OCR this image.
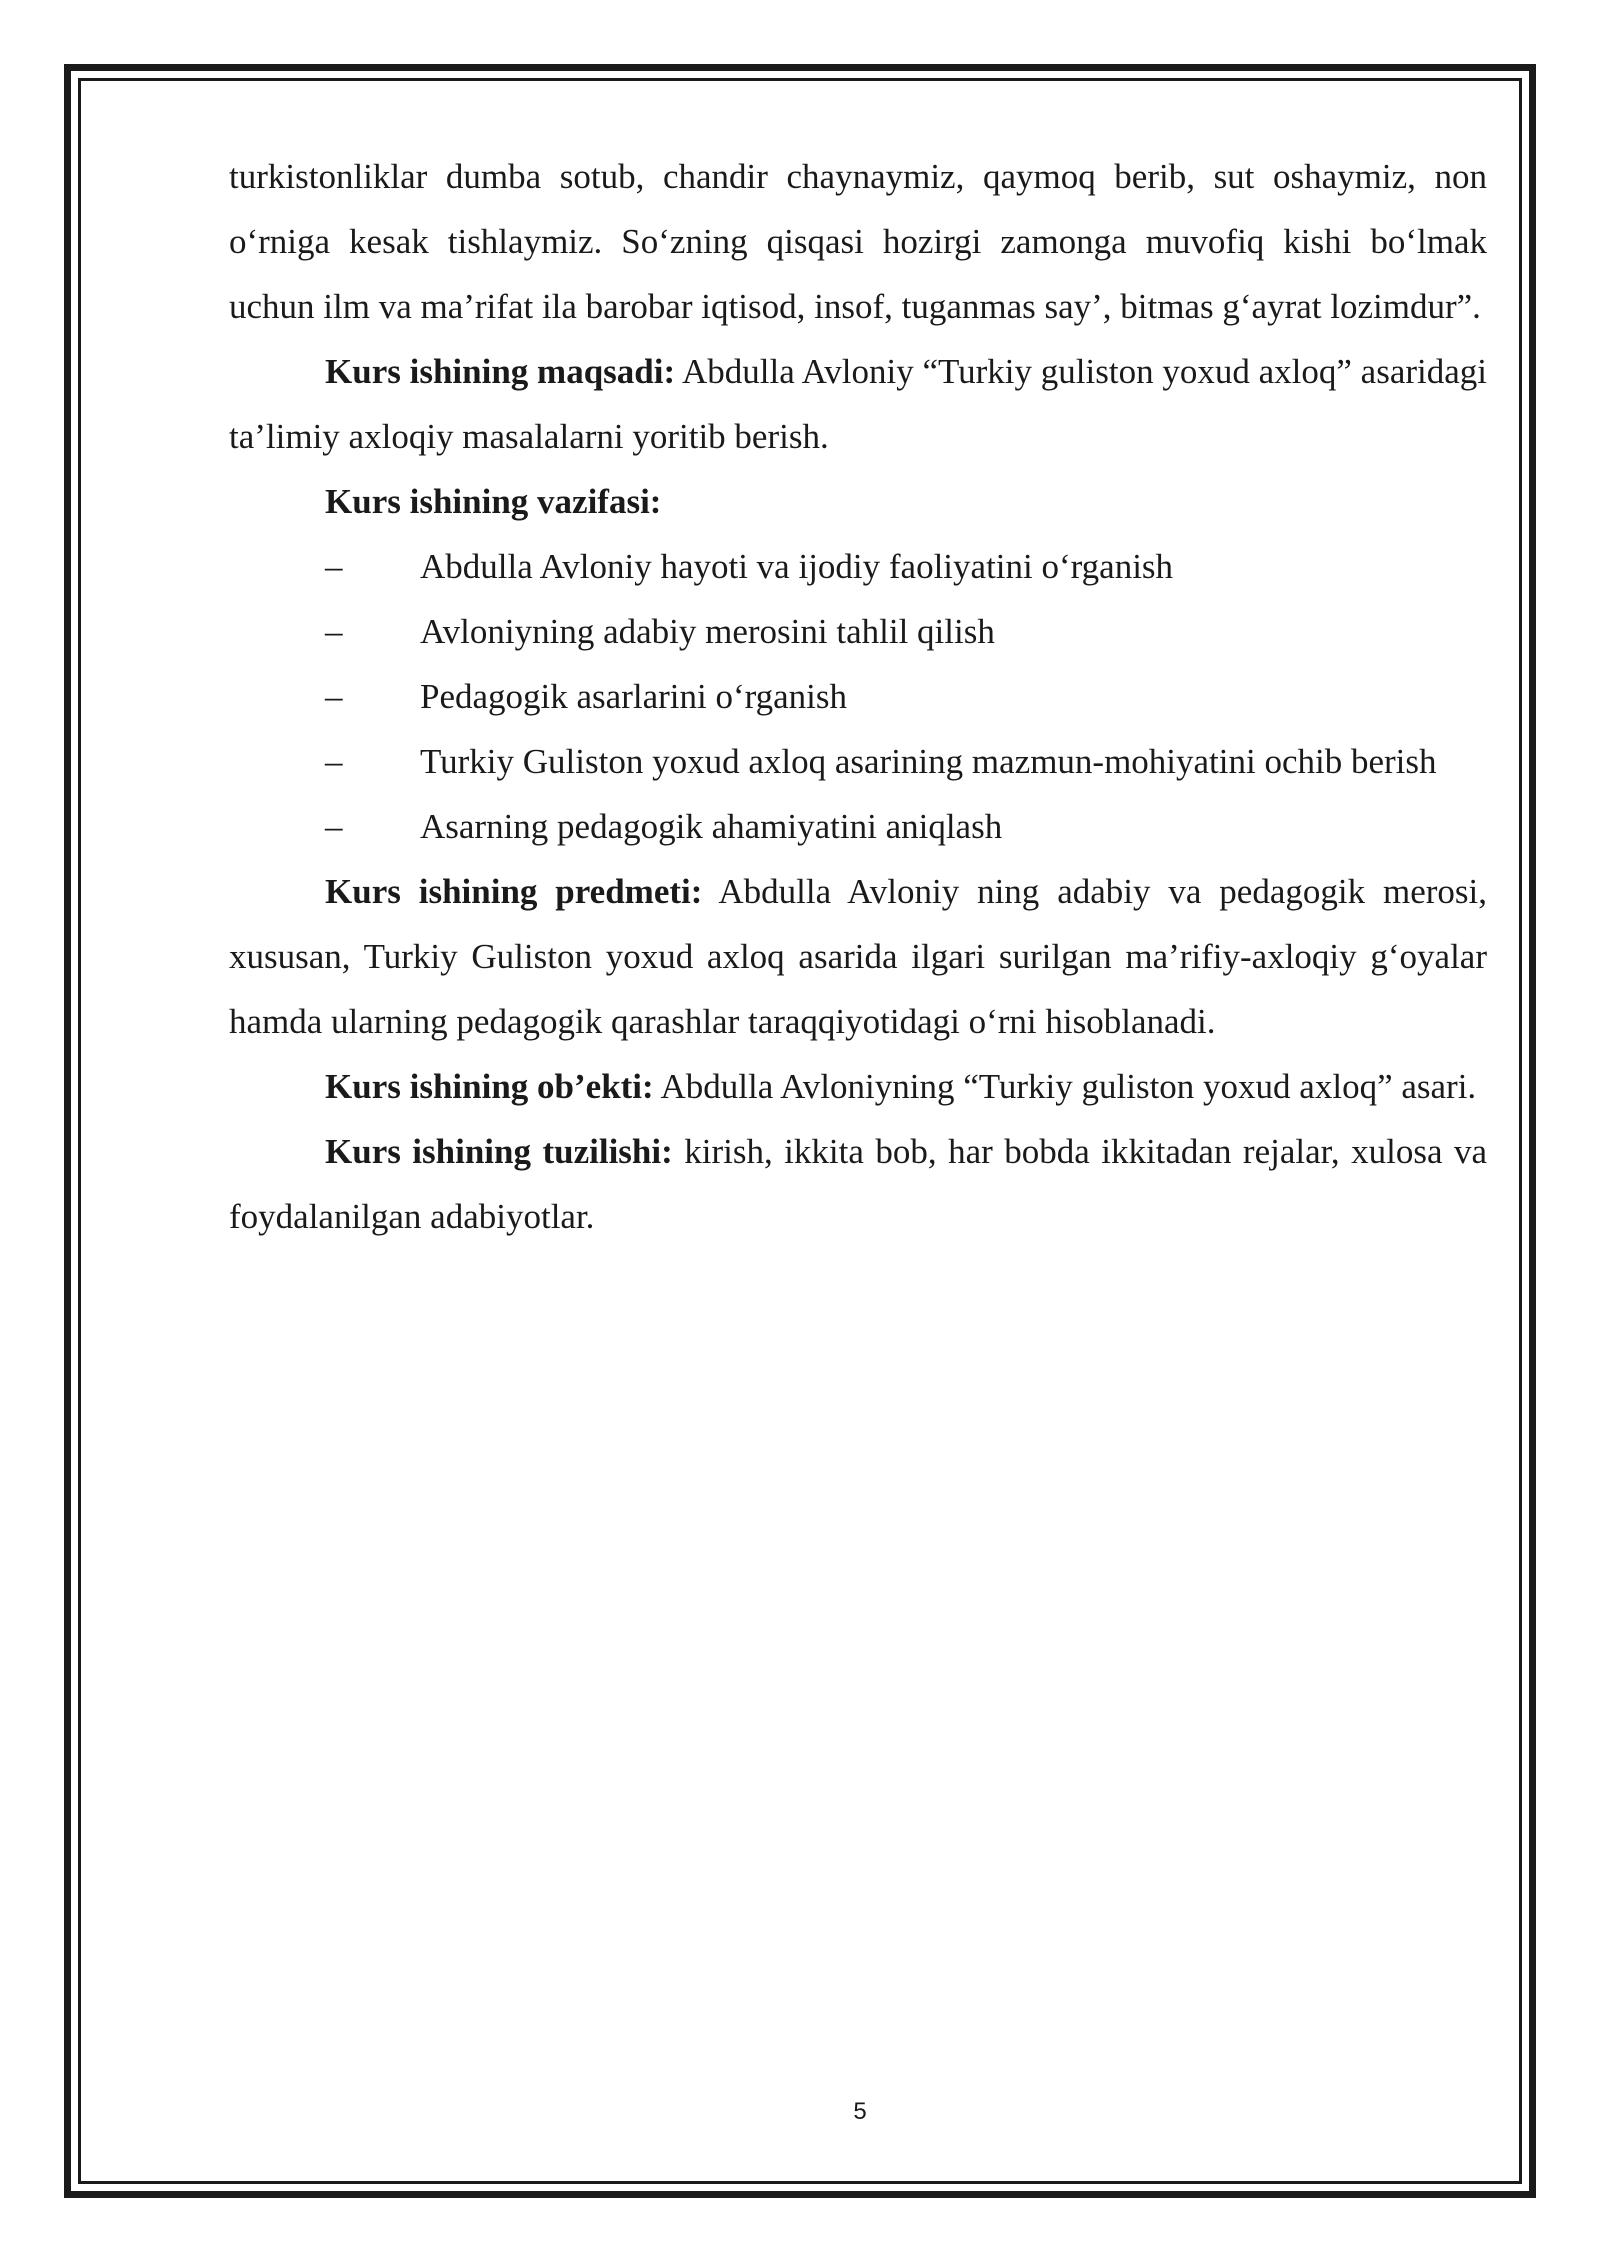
turkistonliklar dumba sotub, chandir chaynaymiz, qaymoq berib, sut oshaymiz, non o‘rniga kesak tishlaymiz. So‘zning qisqasi hozirgi zamonga muvofiq kishi bo‘lmak uchun ilm va ma’rifat ila barobar iqtisod, insof, tuganmas say’, bitmas g‘ayrat lozimdur”.

Kurs ishining maqsadi: Abdulla Avloniy “Turkiy guliston yoxud axloq” asaridagi ta’limiy axloqiy masalalarni yoritib berish.

Kurs ishining vazifasi:

–	Abdulla Avloniy hayoti va ijodiy faoliyatini o‘rganish

–	Avloniyning adabiy merosini tahlil qilish

–	Pedagogik asarlarini o‘rganish

–	Turkiy Guliston yoxud axloq asarining mazmun-mohiyatini ochib berish

–	Asarning pedagogik ahamiyatini aniqlash

Kurs ishining predmeti: Abdulla Avloniy ning adabiy va pedagogik merosi, xususan, Turkiy Guliston yoxud axloq asarida ilgari surilgan ma’rifiy-axloqiy g‘oyalar hamda ularning pedagogik qarashlar taraqqiyotidagi o‘rni hisoblanadi.

Kurs ishining ob’ekti: Abdulla Avloniyning “Turkiy guliston yoxud axloq” asari.

Kurs ishining tuzilishi: kirish, ikkita bob, har bobda ikkitadan rejalar, xulosa va foydalanilgan adabiyotlar.

5
